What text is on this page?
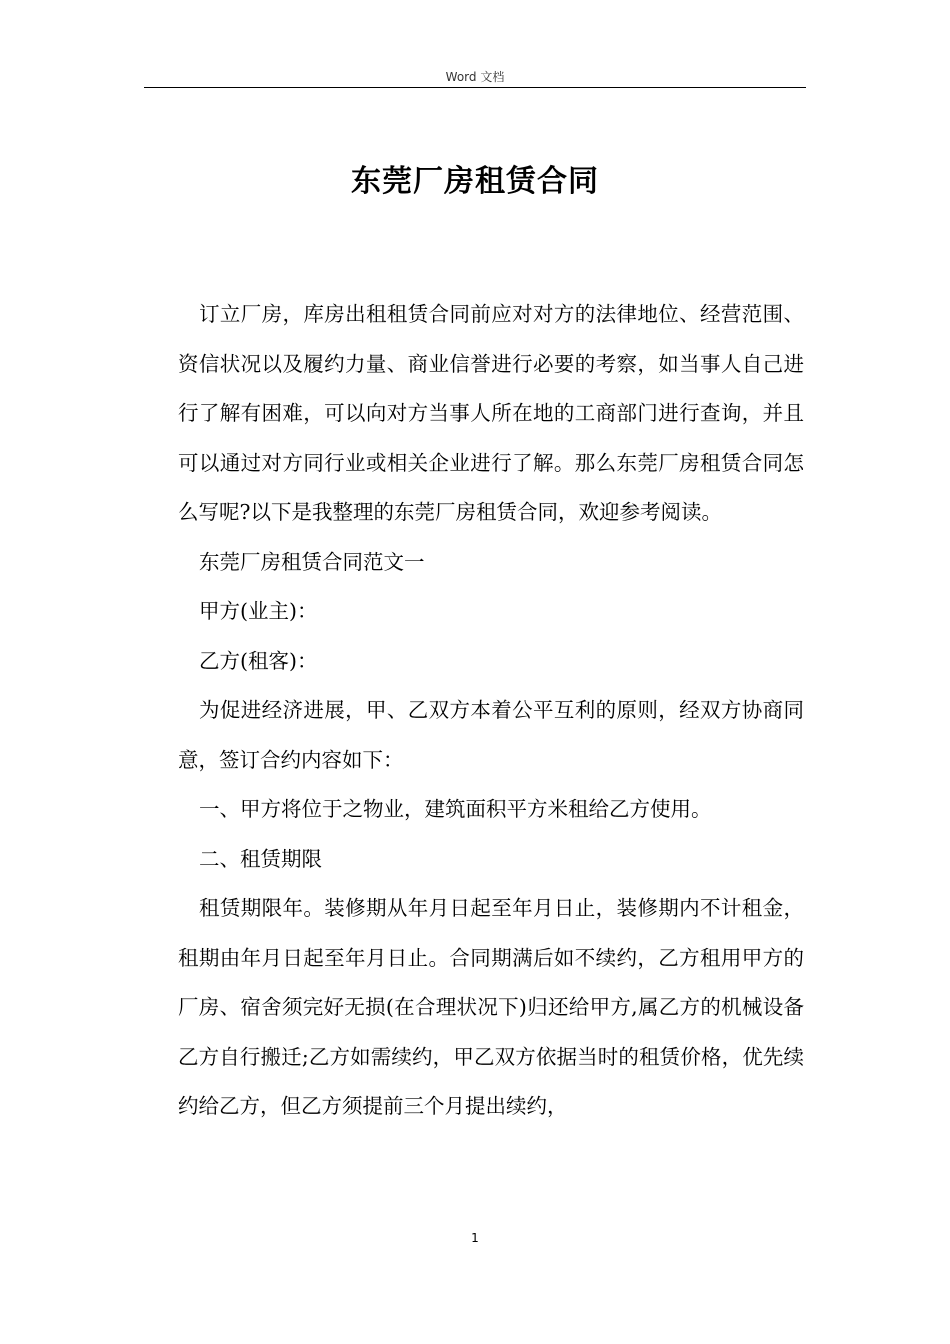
Word 文档
东莞厂房租赁合同

订立厂房，库房出租租赁合同前应对对方的法律地位、经营范围、资信状况以及履约力量、商业信誉进行必要的考察，如当事人自己进行了解有困难，可以向对方当事人所在地的工商部门进行查询，并且可以通过对方同行业或相关企业进行了解。那么东莞厂房租赁合同怎么写呢?以下是我整理的东莞厂房租赁合同，欢迎参考阅读。

东莞厂房租赁合同范文一

甲方(业主)：

乙方(租客)：

为促进经济进展，甲、乙双方本着公平互利的原则，经双方协商同意，签订合约内容如下：

一、甲方将位于之物业，建筑面积平方米租给乙方使用。

二、租赁期限

租赁期限年。装修期从年月日起至年月日止，装修期内不计租金，租期由年月日起至年月日止。合同期满后如不续约，乙方租用甲方的厂房、宿舍须完好无损(在合理状况下)归还给甲方,属乙方的机械设备乙方自行搬迁;乙方如需续约，甲乙双方依据当时的租赁价格，优先续约给乙方，但乙方须提前三个月提出续约，

1
